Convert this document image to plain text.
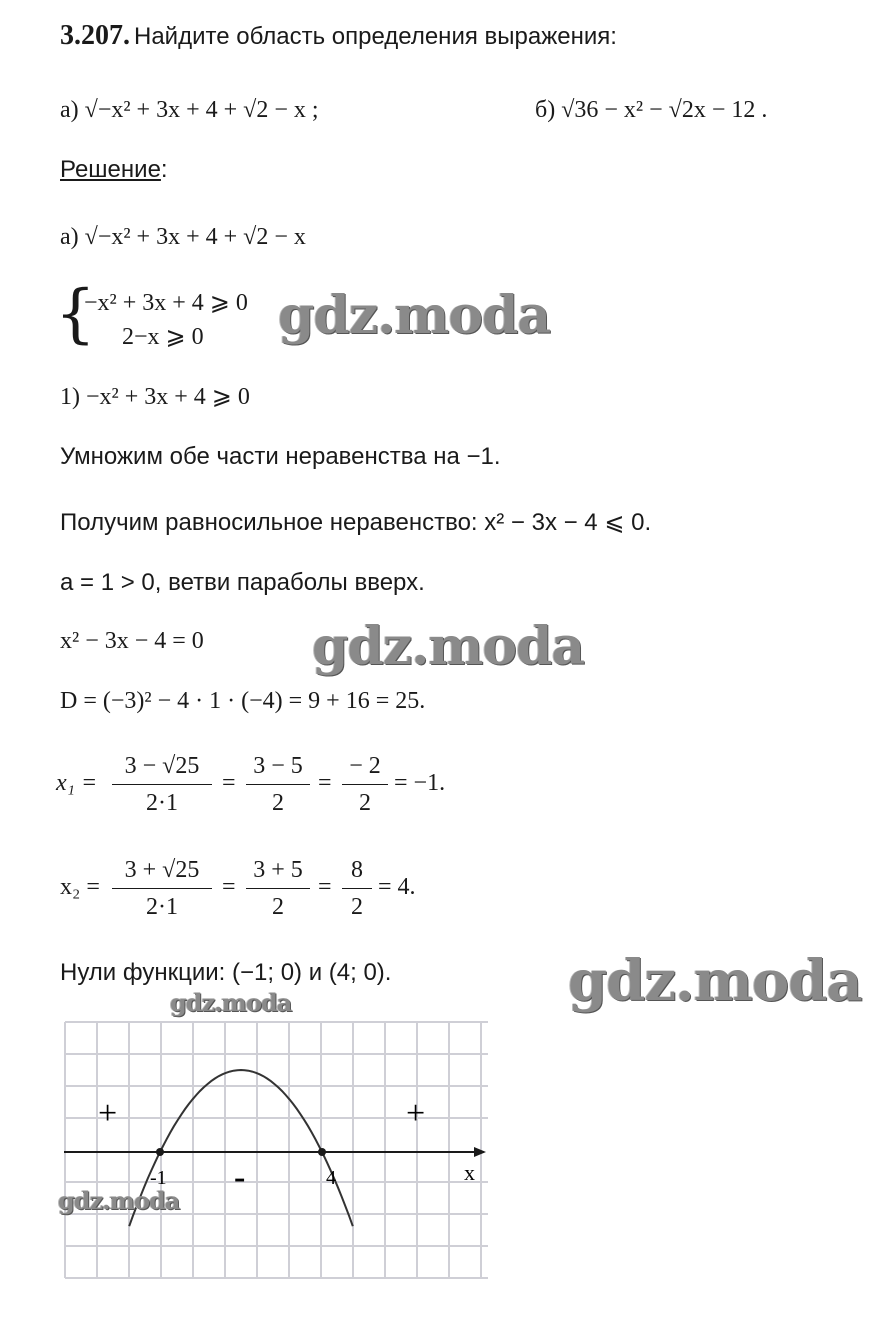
3.207. Найдите область определения выражения:
а) √−x² + 3x + 4 + √2 − x ;	б) √36 − x² − √2x − 12 .
Решение:
а) √−x² + 3x + 4 + √2 − x
{
−x² + 3x + 4 ⩾ 0
2−x ⩾ 0
1) −x² + 3x + 4 ⩾ 0
Умножим обе части неравенства на −1.
Получим равносильное неравенство: x² − 3x − 4 ⩽ 0.
a = 1 > 0, ветви параболы вверх.
x² − 3x − 4 = 0
D = (−3)² − 4 · 1 · (−4) = 9 + 16 = 25.
x₁ =
3 − √25
2·1
=
3 − 5
2
=
− 2
2
= −1.
x₂ =
3 + √25
2·1
=
3 + 5
2
=
8
2
= 4.
Нули функции: (−1; 0) и (4; 0).
+
-
+
-1	4	x
gdz.moda
gdz.moda
gdz.moda
gdz.moda
gdz.moda
